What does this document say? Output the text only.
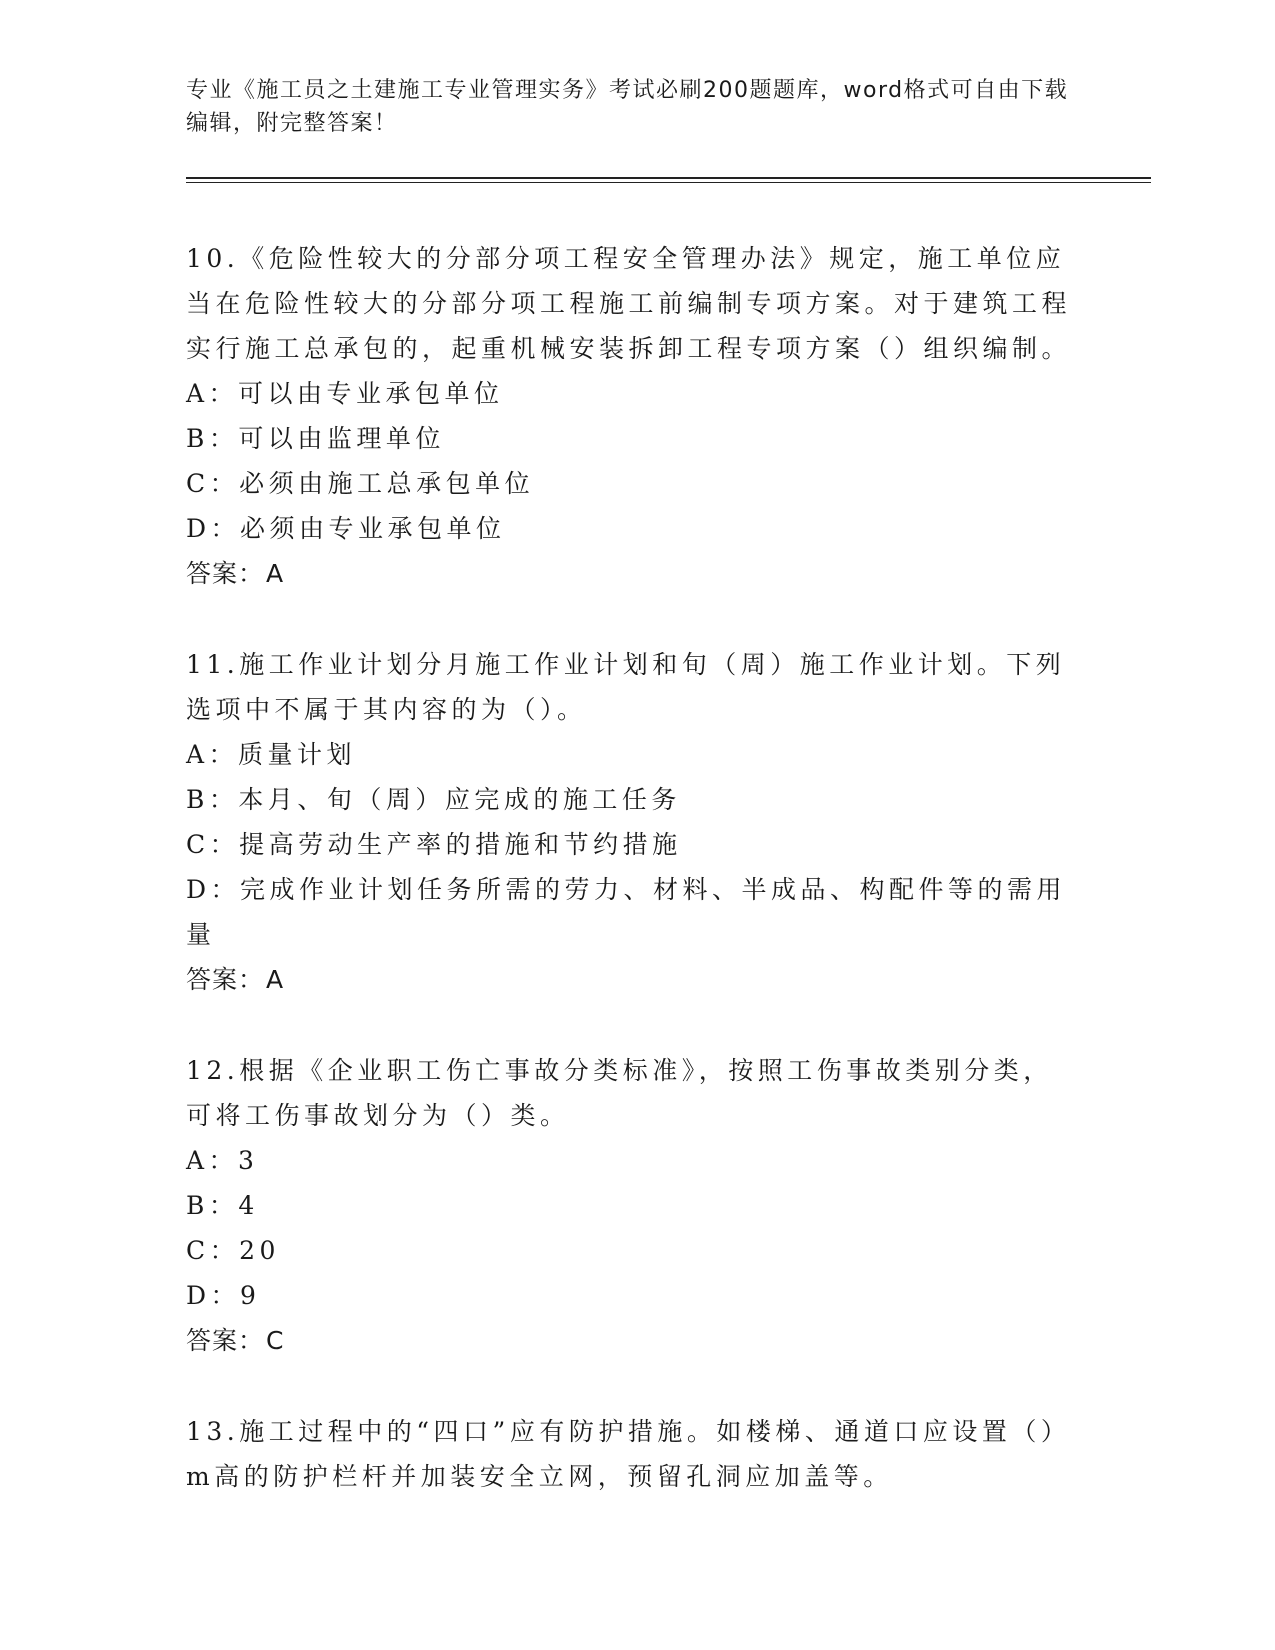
专业《施工员之土建施工专业管理实务》考试必刷200题题库，word格式可自由下载编辑，附完整答案！
10.《危险性较大的分部分项工程安全管理办法》规定，施工单位应当在危险性较大的分部分项工程施工前编制专项方案。对于建筑工程实行施工总承包的，起重机械安装拆卸工程专项方案（）组织编制。
A：可以由专业承包单位
B：可以由监理单位
C：必须由施工总承包单位
D：必须由专业承包单位
答案：A
11.施工作业计划分月施工作业计划和旬（周）施工作业计划。下列选项中不属于其内容的为（）。
A：质量计划
B：本月、旬（周）应完成的施工任务
C：提高劳动生产率的措施和节约措施
D：完成作业计划任务所需的劳力、材料、半成品、构配件等的需用量
答案：A
12.根据《企业职工伤亡事故分类标准》，按照工伤事故类别分类，可将工伤事故划分为（）类。
A：3
B：4
C：20
D：9
答案：C
13.施工过程中的“四口”应有防护措施。如楼梯、通道口应设置（）m高的防护栏杆并加装安全立网，预留孔洞应加盖等。
